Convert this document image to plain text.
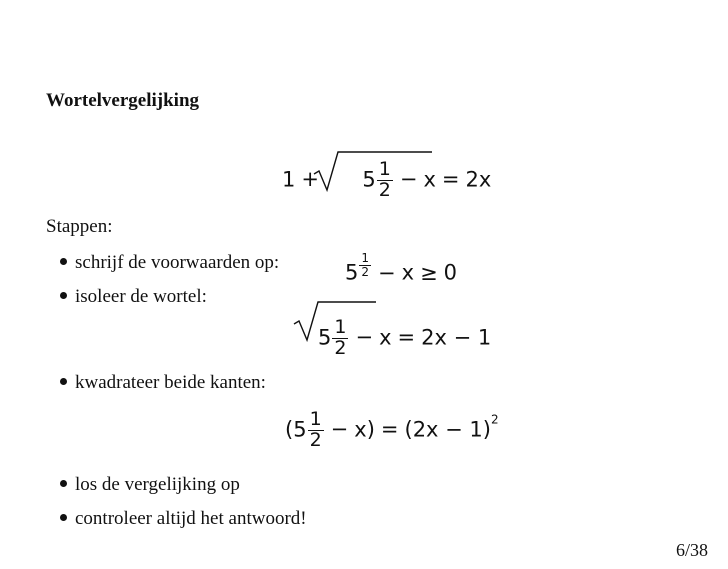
Wortelvergelijking
$1 + 5 \frac{1}{2} - x = 2x$
Stappen:
schrijf de voorwaarden op:	$5 \frac{1}{2} - x \ge 0$
isoleer de wortel:
$5 \frac{1}{2} - x = 2x - 1$
kwadrateer beide kanten:
$(5 \frac{1}{2} - x) = (2x - 1)^2$
los de vergelijking op
controleer altijd het antwoord!
6/38
